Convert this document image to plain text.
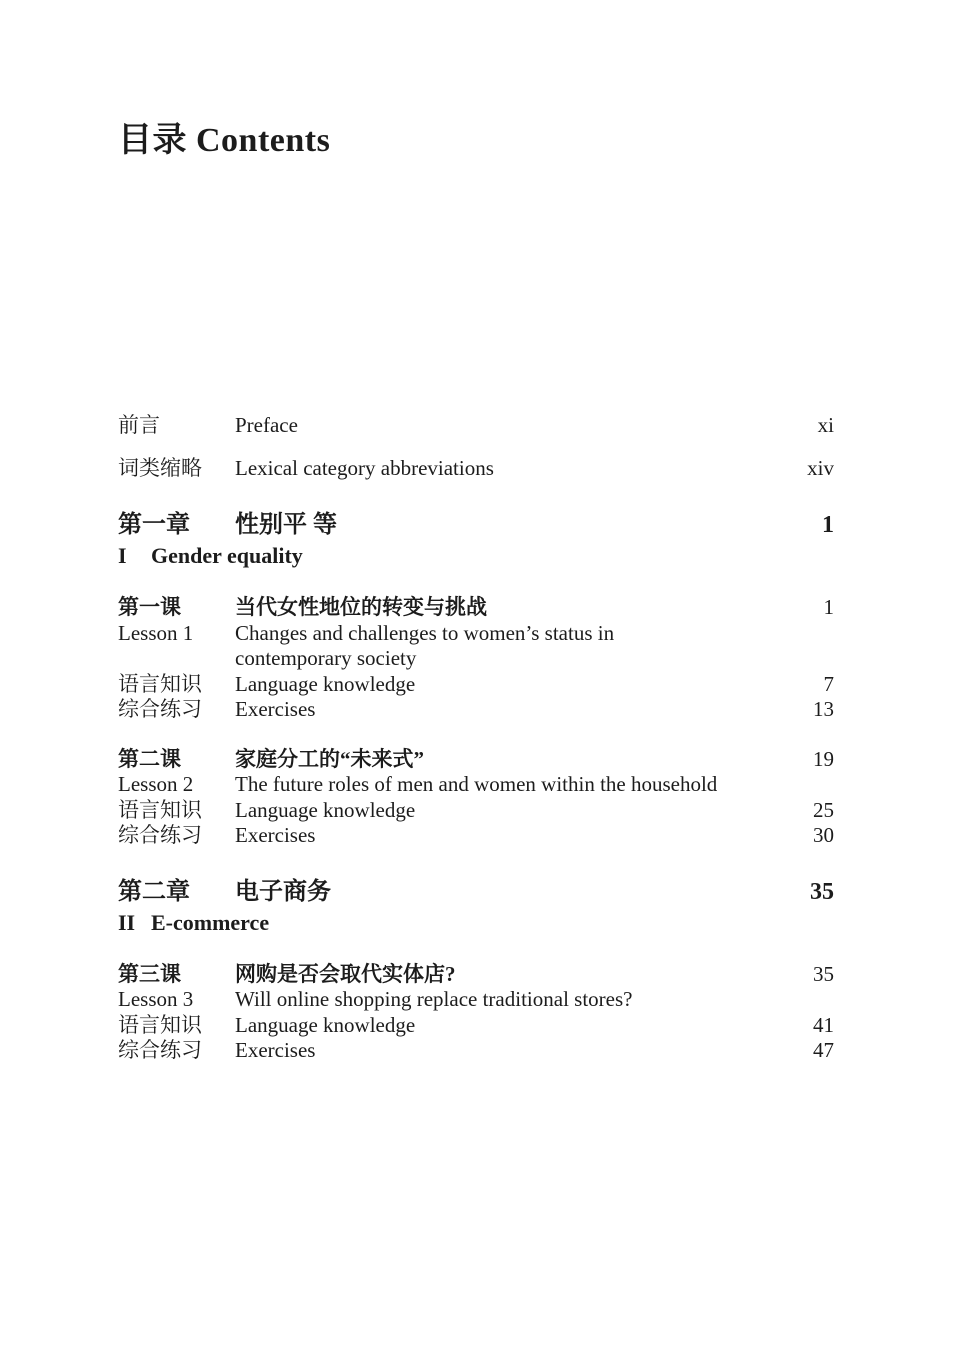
目录 Contents
前言	Preface	xi
词类缩略	Lexical category abbreviations	xiv
第一章	性别平 等	1
I	Gender equality
第一课	当代女性地位的转变与挑战	1
Lesson 1	Changes and challenges to women’s status in
contemporary society
语言知识	Language knowledge	7
综合练习	Exercises	13
第二课	家庭分工的“未来式”	19
Lesson 2	The future roles of men and women within the household
语言知识	Language knowledge	25
综合练习	Exercises	30
第二章	电子商务	35
II E-commerce
第三课	网购是否会取代实体店?	35
Lesson 3	Will online shopping replace traditional stores?
语言知识	Language knowledge	41
综合练习	Exercises	47
